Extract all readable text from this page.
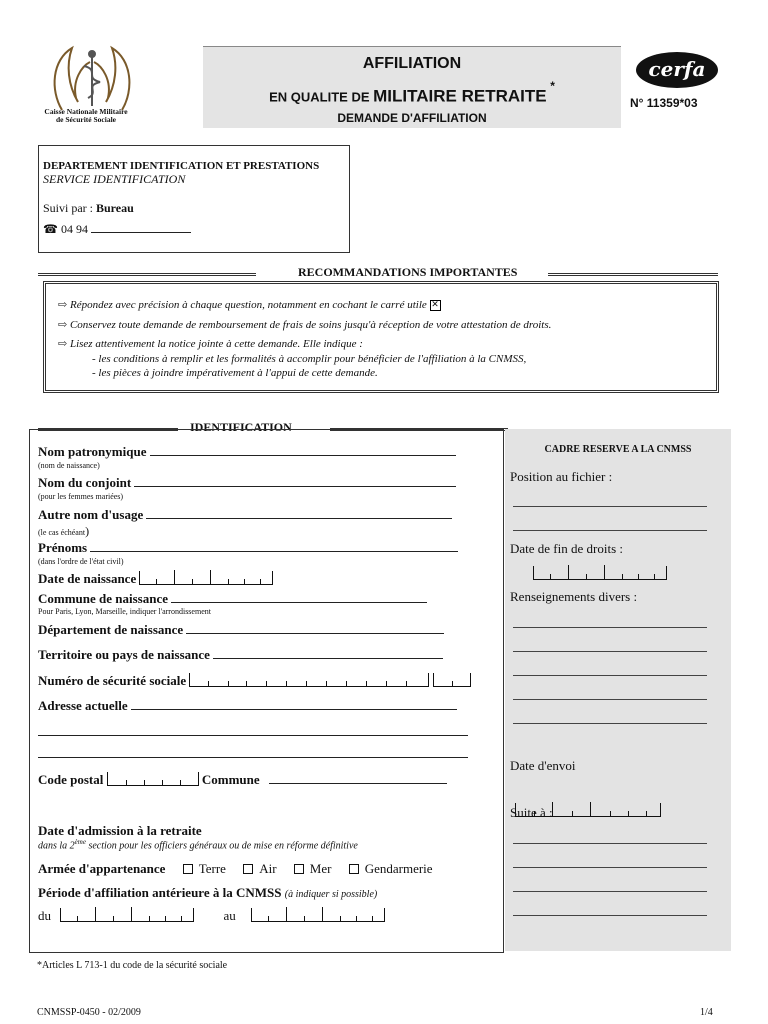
Caisse Nationale Militaire
de Sécurité Sociale
AFFILIATION
EN QUALITE DE MILITAIRE RETRAITE *
DEMANDE D'AFFILIATION
cerfa
N° 11359*03
DEPARTEMENT IDENTIFICATION ET PRESTATIONS
SERVICE IDENTIFICATION
Suivi par : Bureau
☎ 04 94
RECOMMANDATIONS IMPORTANTES
⇨ Répondez avec précision à chaque question, notamment en cochant le carré utile ✕
⇨ Conservez toute demande de remboursement de frais de soins jusqu'à réception de votre attestation de droits.
⇨ Lisez attentivement la notice jointe à cette demande. Elle indique :
- les conditions à remplir et les formalités à accomplir pour bénéficier de l'affiliation à la CNMSS,
- les pièces à joindre impérativement à l'appui de cette demande.
IDENTIFICATION
Nom patronymique
(nom de naissance)
Nom du conjoint
(pour les femmes mariées)
Autre nom d'usage
(le cas échéant)
Prénoms
(dans l'ordre de l'état civil)
Date de naissance
Commune de naissance
Pour Paris, Lyon, Marseille, indiquer l'arrondissement
Département de naissance
Territoire ou pays de naissance
Numéro de sécurité sociale

Adresse actuelle
Code postal	Commune
Date d'admission à la retraite
dans la 2ème section pour les officiers généraux ou de mise en réforme définitive
Armée d'appartenance	Terre	Air	Mer	Gendarmerie
Période d'affiliation antérieure à la CNMSS (à indiquer si possible)
du	au
CADRE RESERVE A LA CNMSS
Position au fichier :
Date de fin de droits :

Renseignements divers :
Date d'envoi
Suite à :
*Articles L 713-1 du code de la sécurité sociale
CNMSSP-0450 - 02/2009	1/4
